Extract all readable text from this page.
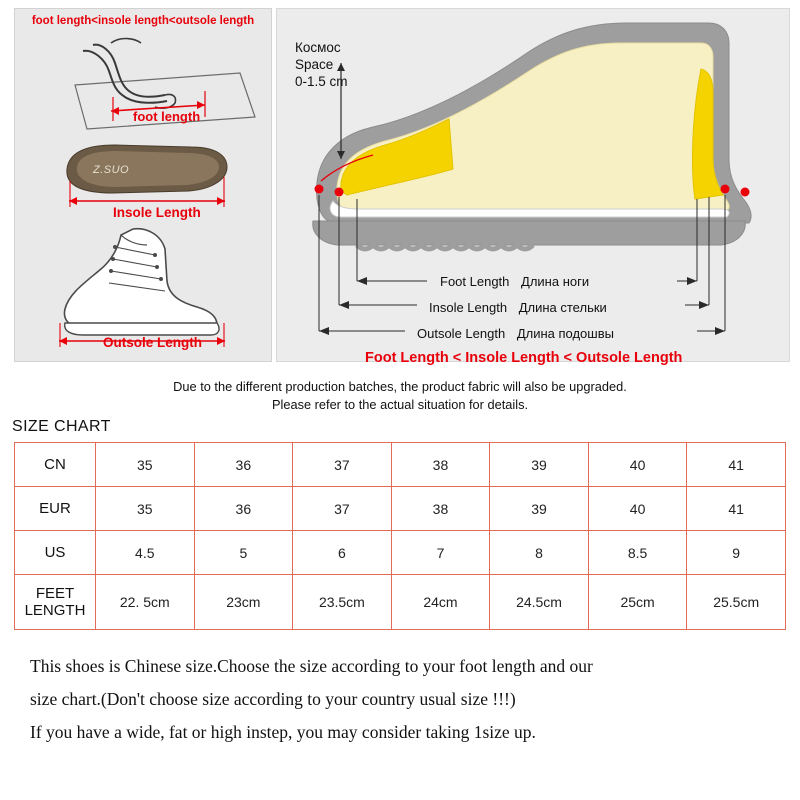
foot length<insole length<outsole length
foot length
Z.SUO
Insole Length
Outsole Length
Космос
Space
0-1.5 cm
Foot Length Длина ноги
Insole Length Длина стельки
Outsole Length Длина подошвы
Foot Length < Insole Length < Outsole Length
Due to the different production batches, the product fabric will also be upgraded.
Please refer to the actual situation for details.
SIZE CHART
CN	35	36	37	38	39	40	41
EUR	35	36	37	38	39	40	41
US	4.5	5	6	7	8	8.5	9
FEET
LENGTH	22. 5cm	23cm	23.5cm	24cm	24.5cm	25cm	25.5cm
This shoes is Chinese size.Choose the size according to your foot length and our
size chart.(Don't choose size according to your country usual size !!!)
If you have a wide, fat or high instep, you may consider taking 1size up.
